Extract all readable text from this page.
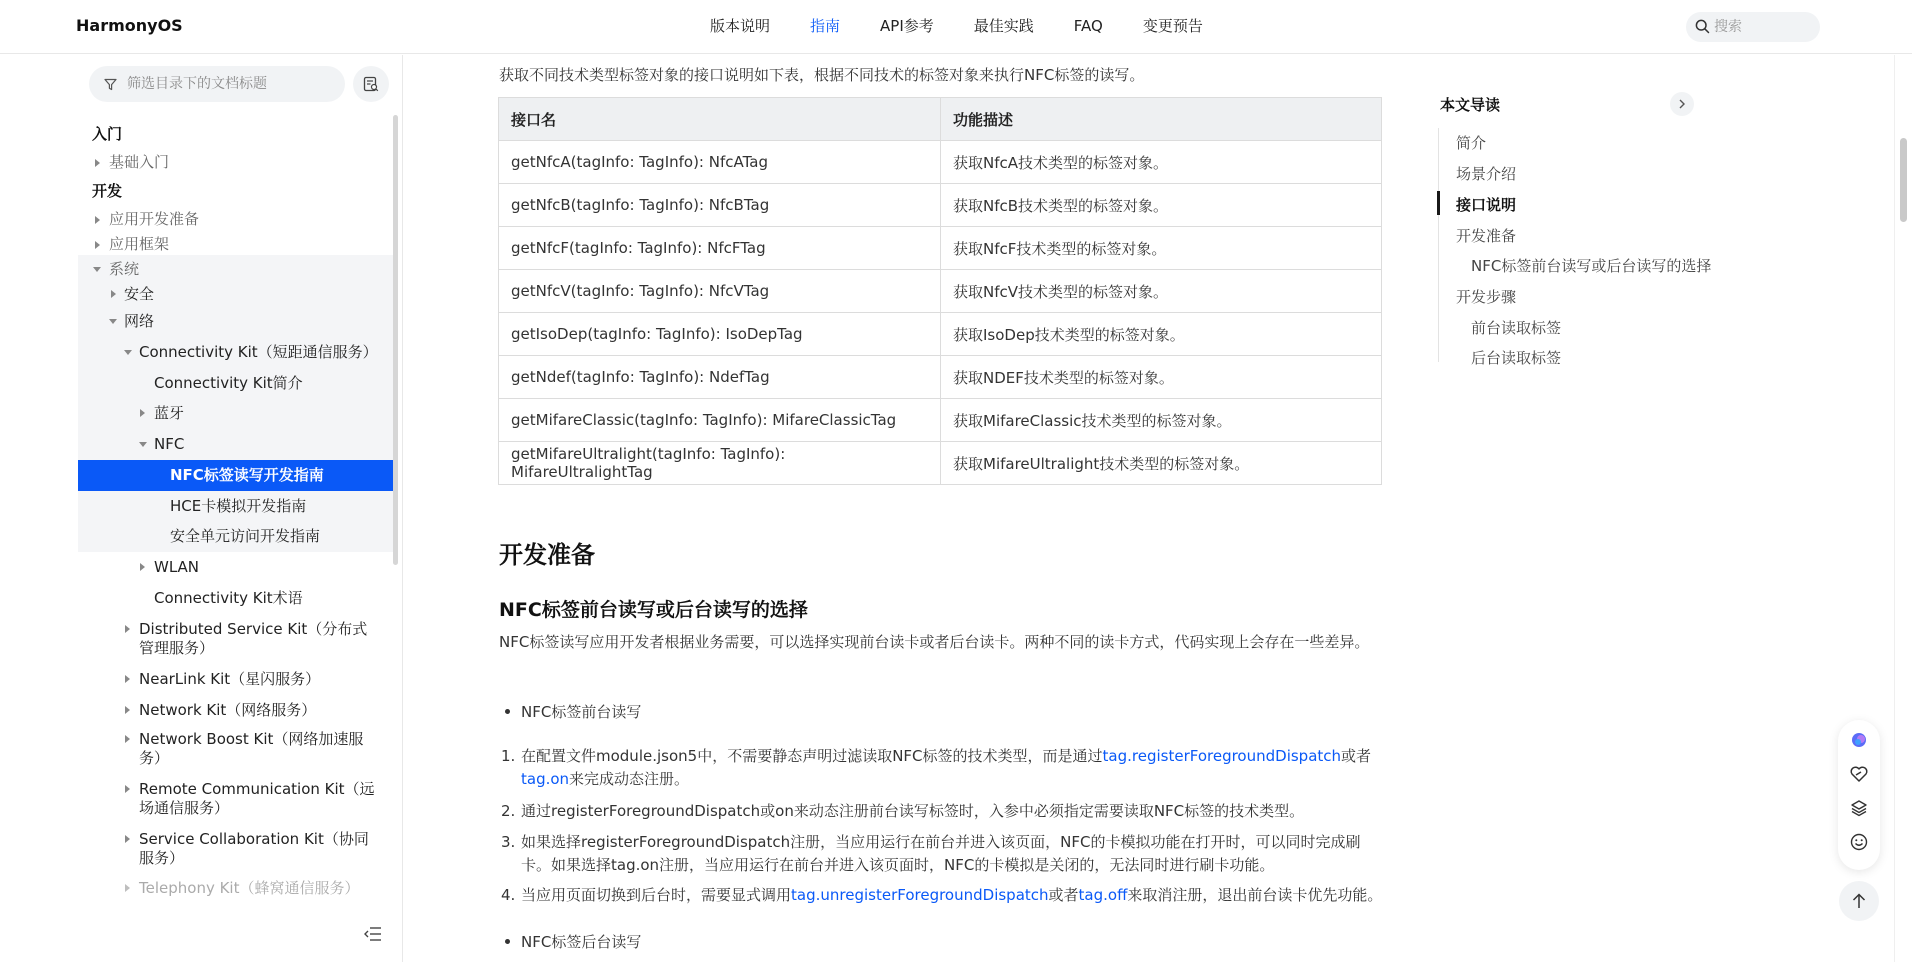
HarmonyOS	版本说明	指南	API参考	最佳实践	FAQ	变更预告
搜索
筛选目录下的文档标题
入门
基础入门
开发
应用开发准备
应用框架
系统
安全
网络
Connectivity Kit（短距通信服务）
Connectivity Kit简介
蓝牙
NFC
NFC标签读写开发指南
HCE卡模拟开发指南
安全单元访问开发指南
WLAN
Connectivity Kit术语
Distributed Service Kit（分布式管理服务）
NearLink Kit（星闪服务）
Network Kit（网络服务）
Network Boost Kit（网络加速服务）
Remote Communication Kit（远场通信服务）
Service Collaboration Kit（协同服务）
Telephony Kit（蜂窝通信服务）
获取不同技术类型标签对象的接口说明如下表，根据不同技术的标签对象来执行NFC标签的读写。
接口名	功能描述
getNfcA(tagInfo: TagInfo): NfcATag	获取NfcA技术类型的标签对象。
getNfcB(tagInfo: TagInfo): NfcBTag	获取NfcB技术类型的标签对象。
getNfcF(tagInfo: TagInfo): NfcFTag	获取NfcF技术类型的标签对象。
getNfcV(tagInfo: TagInfo): NfcVTag	获取NfcV技术类型的标签对象。
getIsoDep(tagInfo: TagInfo): IsoDepTag	获取IsoDep技术类型的标签对象。
getNdef(tagInfo: TagInfo): NdefTag	获取NDEF技术类型的标签对象。
getMifareClassic(tagInfo: TagInfo): MifareClassicTag	获取MifareClassic技术类型的标签对象。
getMifareUltralight(tagInfo: TagInfo): MifareUltralightTag	获取MifareUltralight技术类型的标签对象。
开发准备
NFC标签前台读写或后台读写的选择
NFC标签读写应用开发者根据业务需要，可以选择实现前台读卡或者后台读卡。两种不同的读卡方式，代码实现上会存在一些差异。
NFC标签前台读写
1. 在配置文件module.json5中，不需要静态声明过滤读取NFC标签的技术类型，而是通过tag.registerForegroundDispatch或者
tag.on来完成动态注册。
2. 通过registerForegroundDispatch或on来动态注册前台读写标签时，入参中必须指定需要读取NFC标签的技术类型。
3. 如果选择registerForegroundDispatch注册，当应用运行在前台并进入该页面，NFC的卡模拟功能在打开时，可以同时完成刷卡。如果选择tag.on注册，当应用运行在前台并进入该页面时，NFC的卡模拟是关闭的，无法同时进行刷卡功能。
4. 当应用页面切换到后台时，需要显式调用tag.unregisterForegroundDispatch或者tag.off来取消注册，退出前台读卡优先功能。
NFC标签后台读写
本文导读
简介
场景介绍
接口说明
开发准备
NFC标签前台读写或后台读写的选择
开发步骤
前台读取标签
后台读取标签
